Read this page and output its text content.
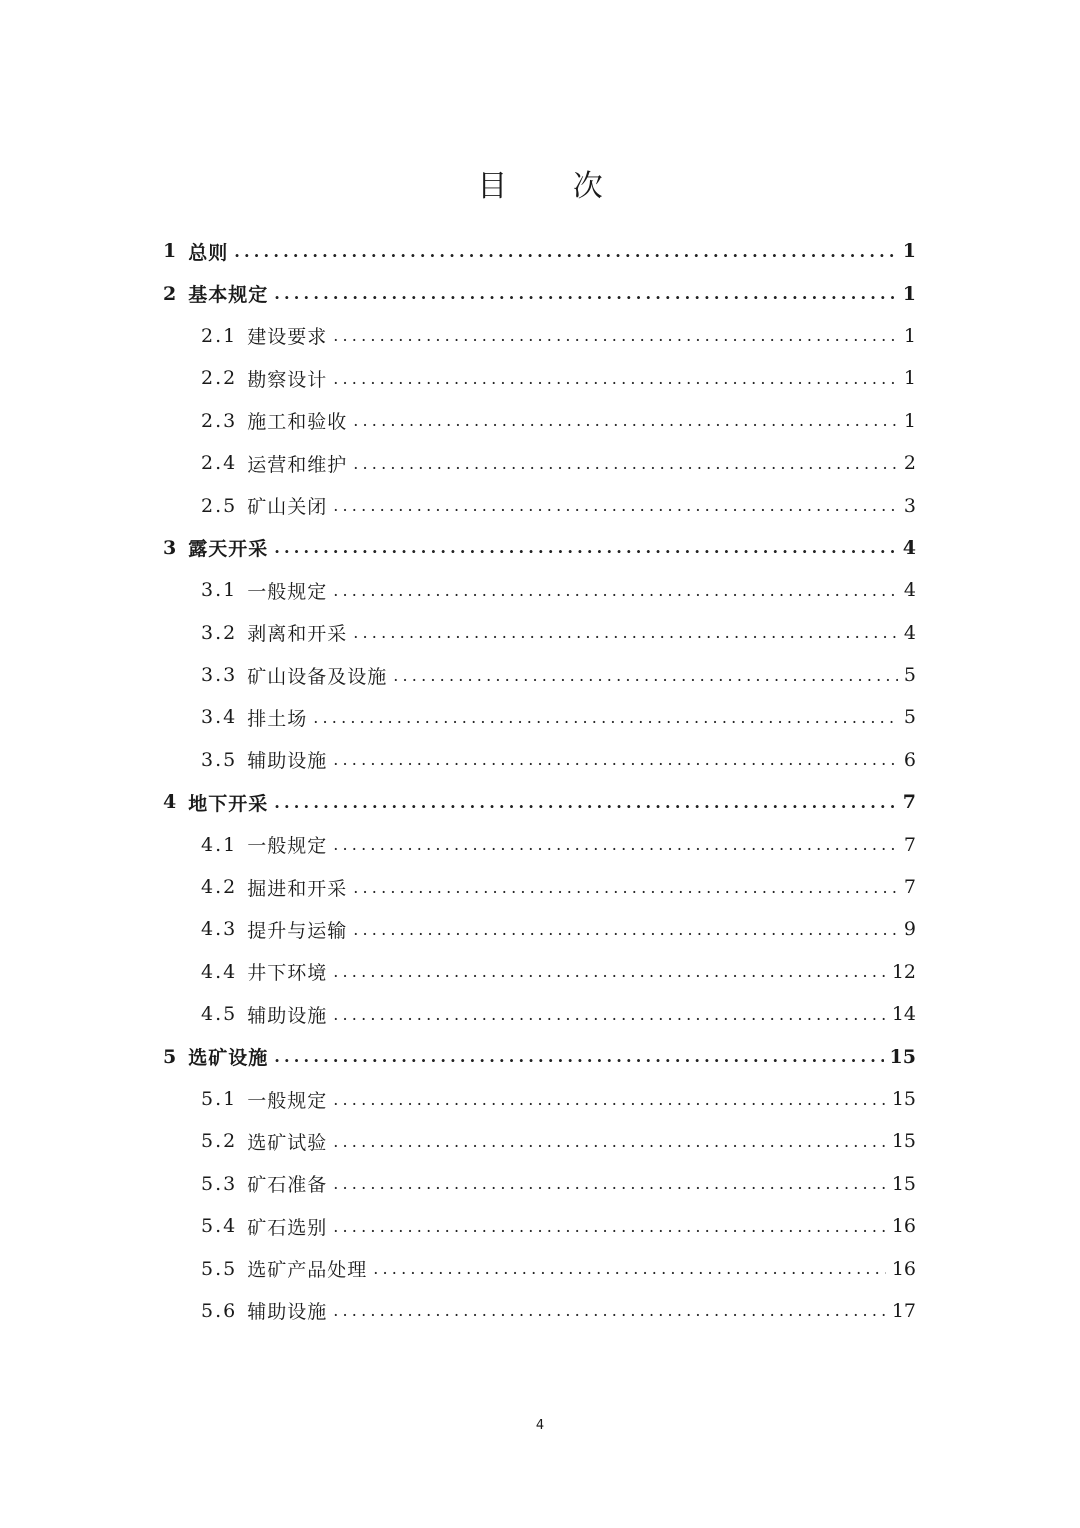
目 次
1 总则 .....	1
2 基本规定 .....	1
2.1 建设要求 .....	1
2.2 勘察设计 .....	1
2.3 施工和验收 .....	1
2.4 运营和维护 .....	2
2.5 矿山关闭 .....	3
3 露天开采 .....	4
3.1 一般规定 .....	4
3.2 剥离和开采 .....	4
3.3 矿山设备及设施 .....	5
3.4 排土场 .....	5
3.5 辅助设施 .....	6
4 地下开采 .....	7
4.1 一般规定 .....	7
4.2 掘进和开采 .....	7
4.3 提升与运输 .....	9
4.4 井下环境 .....	12
4.5 辅助设施 .....	14
5 选矿设施 .....	15
5.1 一般规定 .....	15
5.2 选矿试验 .....	15
5.3 矿石准备 .....	15
5.4 矿石选别 .....	16
5.5 选矿产品处理 .....	16
5.6 辅助设施 .....	17
4
